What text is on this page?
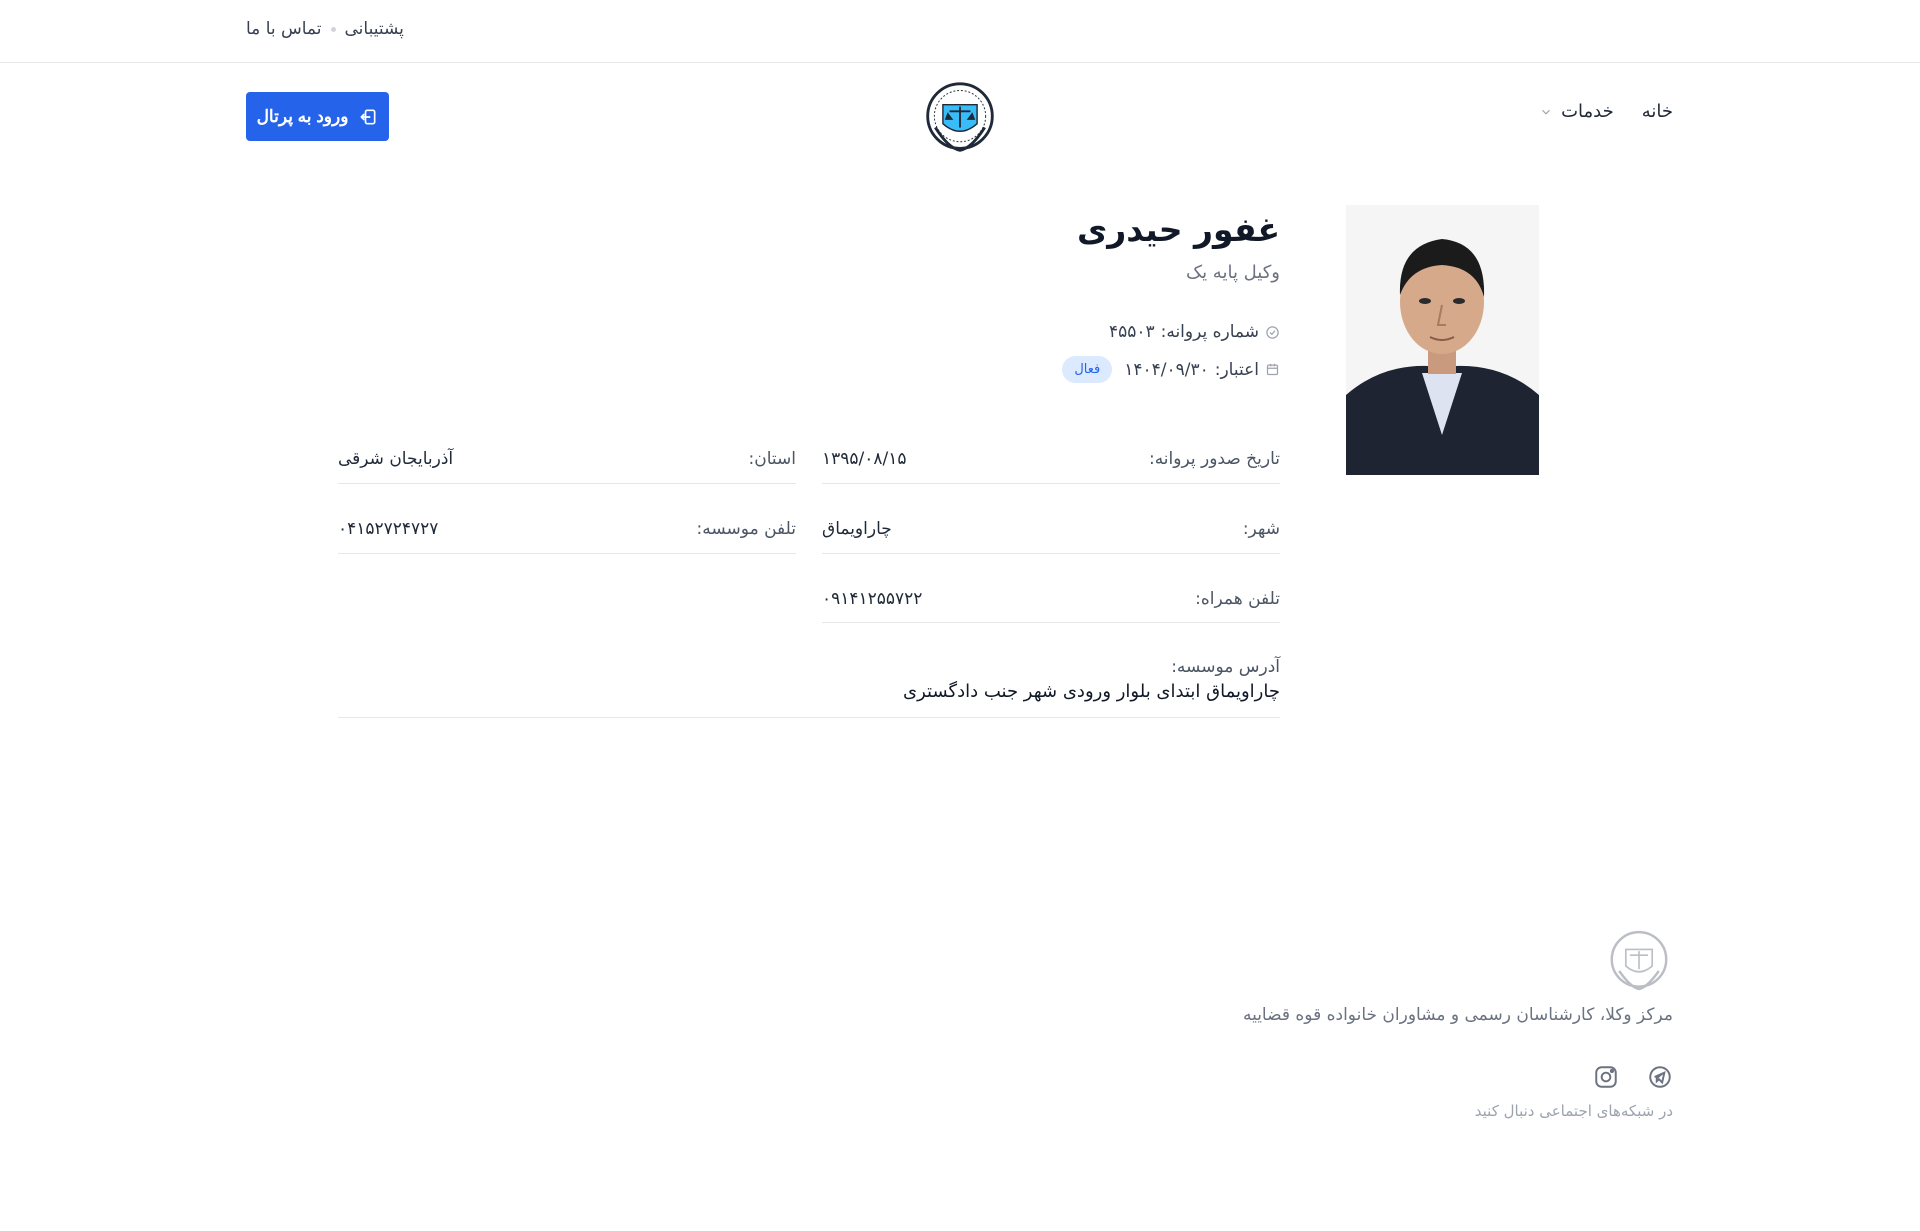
تماس با ما پشتیبانی
خانه
خدمات
ورود به پرتال
غفور حیدری
وکیل پایه یک
شماره پروانه:
۴۵۵۰۳
اعتبار:
۱۴۰۴/۰۹/۳۰
فعال
تاریخ صدور پروانه:
۱۳۹۵/۰۸/۱۵
استان:
آذربایجان شرقی
شهر:
چاراویماق
تلفن موسسه:
۰۴۱۵۲۷۲۴۷۲۷
تلفن همراه:
۰۹۱۴۱۲۵۵۷۲۲
آدرس موسسه:
چاراویماق ابتدای بلوار ورودی شهر جنب دادگستری
مرکز وکلا، کارشناسان رسمی و مشاوران خانواده قوه قضاییه
در شبکه‌های اجتماعی دنبال کنید
